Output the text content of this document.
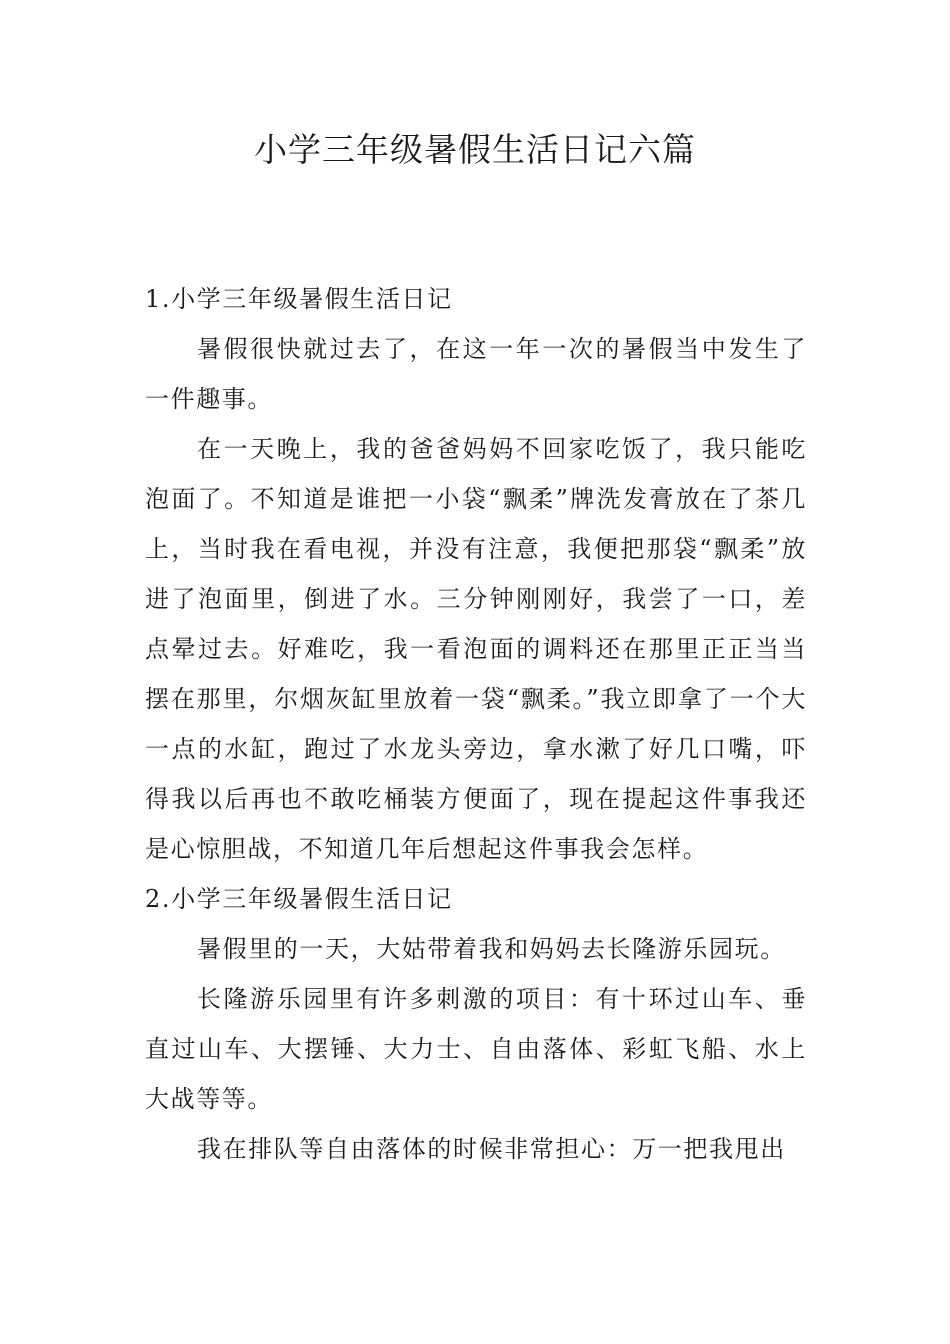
小学三年级暑假生活日记六篇

1.小学三年级暑假生活日记

暑假很快就过去了，在这一年一次的暑假当中发生了一件趣事。

在一天晚上，我的爸爸妈妈不回家吃饭了，我只能吃泡面了。不知道是谁把一小袋“飘柔”牌洗发膏放在了茶几上，当时我在看电视，并没有注意，我便把那袋“飘柔”放进了泡面里，倒进了水。三分钟刚刚好，我尝了一口，差点晕过去。好难吃，我一看泡面的调料还在那里正正当当摆在那里，尔烟灰缸里放着一袋“飘柔。”我立即拿了一个大一点的水缸，跑过了水龙头旁边，拿水漱了好几口嘴，吓得我以后再也不敢吃桶装方便面了，现在提起这件事我还是心惊胆战，不知道几年后想起这件事我会怎样。

2.小学三年级暑假生活日记

暑假里的一天，大姑带着我和妈妈去长隆游乐园玩。

长隆游乐园里有许多刺激的项目：有十环过山车、垂直过山车、大摆锤、大力士、自由落体、彩虹飞船、水上大战等等。

我在排队等自由落体的时候非常担心：万一把我甩出
